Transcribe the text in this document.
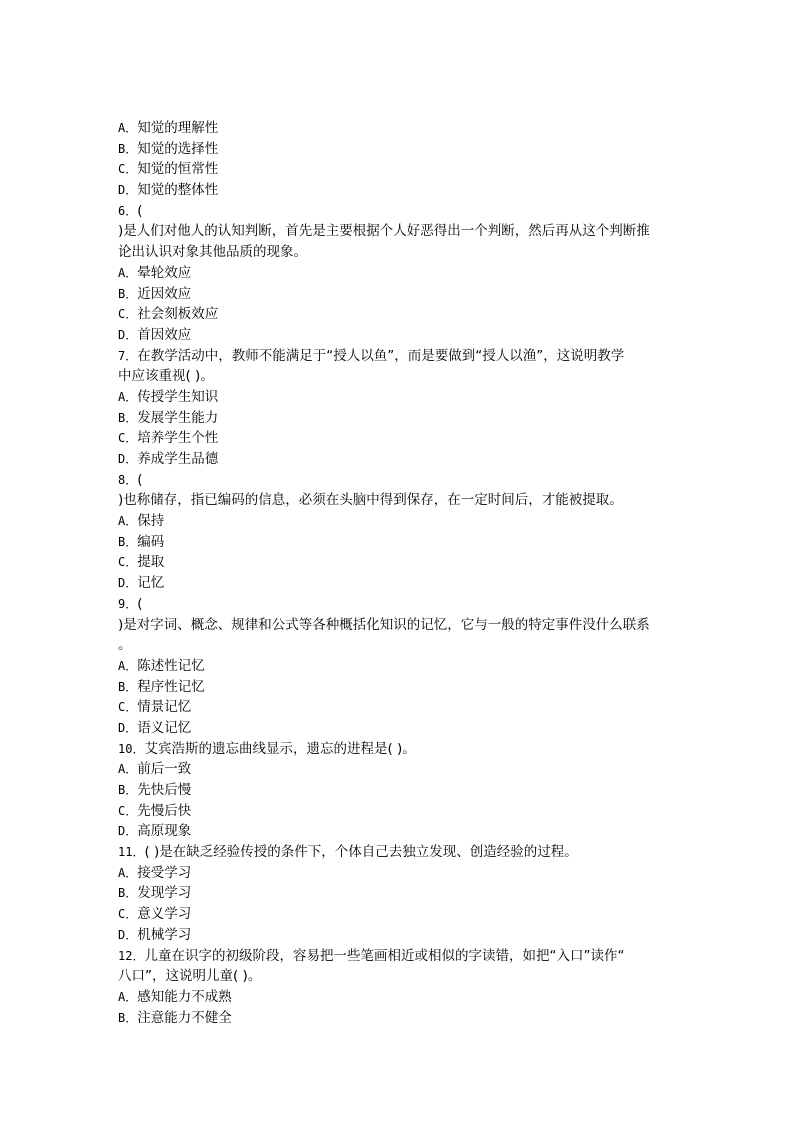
A．知觉的理解性
B．知觉的选择性
C．知觉的恒常性
D．知觉的整体性
6．(
)是人们对他人的认知判断，首先是主要根据个人好恶得出一个判断，然后再从这个判断推
论出认识对象其他品质的现象。
A．晕轮效应
B．近因效应
C．社会刻板效应
D．首因效应
7．在教学活动中，教师不能满足于“授人以鱼”，而是要做到“授人以渔”，这说明教学
中应该重视( )。
A．传授学生知识
B．发展学生能力
C．培养学生个性
D．养成学生品德
8．(
)也称储存，指已编码的信息，必须在头脑中得到保存，在一定时间后，才能被提取。
A．保持
B．编码
C．提取
D．记忆
9．(
)是对字词、概念、规律和公式等各种概括化知识的记忆，它与一般的特定事件没什么联系
。
A．陈述性记忆
B．程序性记忆
C．情景记忆
D．语义记忆
10．艾宾浩斯的遗忘曲线显示，遗忘的进程是( )。
A．前后一致
B．先快后慢
C．先慢后快
D．高原现象
11．( )是在缺乏经验传授的条件下，个体自己去独立发现、创造经验的过程。
A．接受学习
B．发现学习
C．意义学习
D．机械学习
12．儿童在识字的初级阶段，容易把一些笔画相近或相似的字读错，如把“入口”读作“
八口”，这说明儿童( )。
A．感知能力不成熟
B．注意能力不健全
